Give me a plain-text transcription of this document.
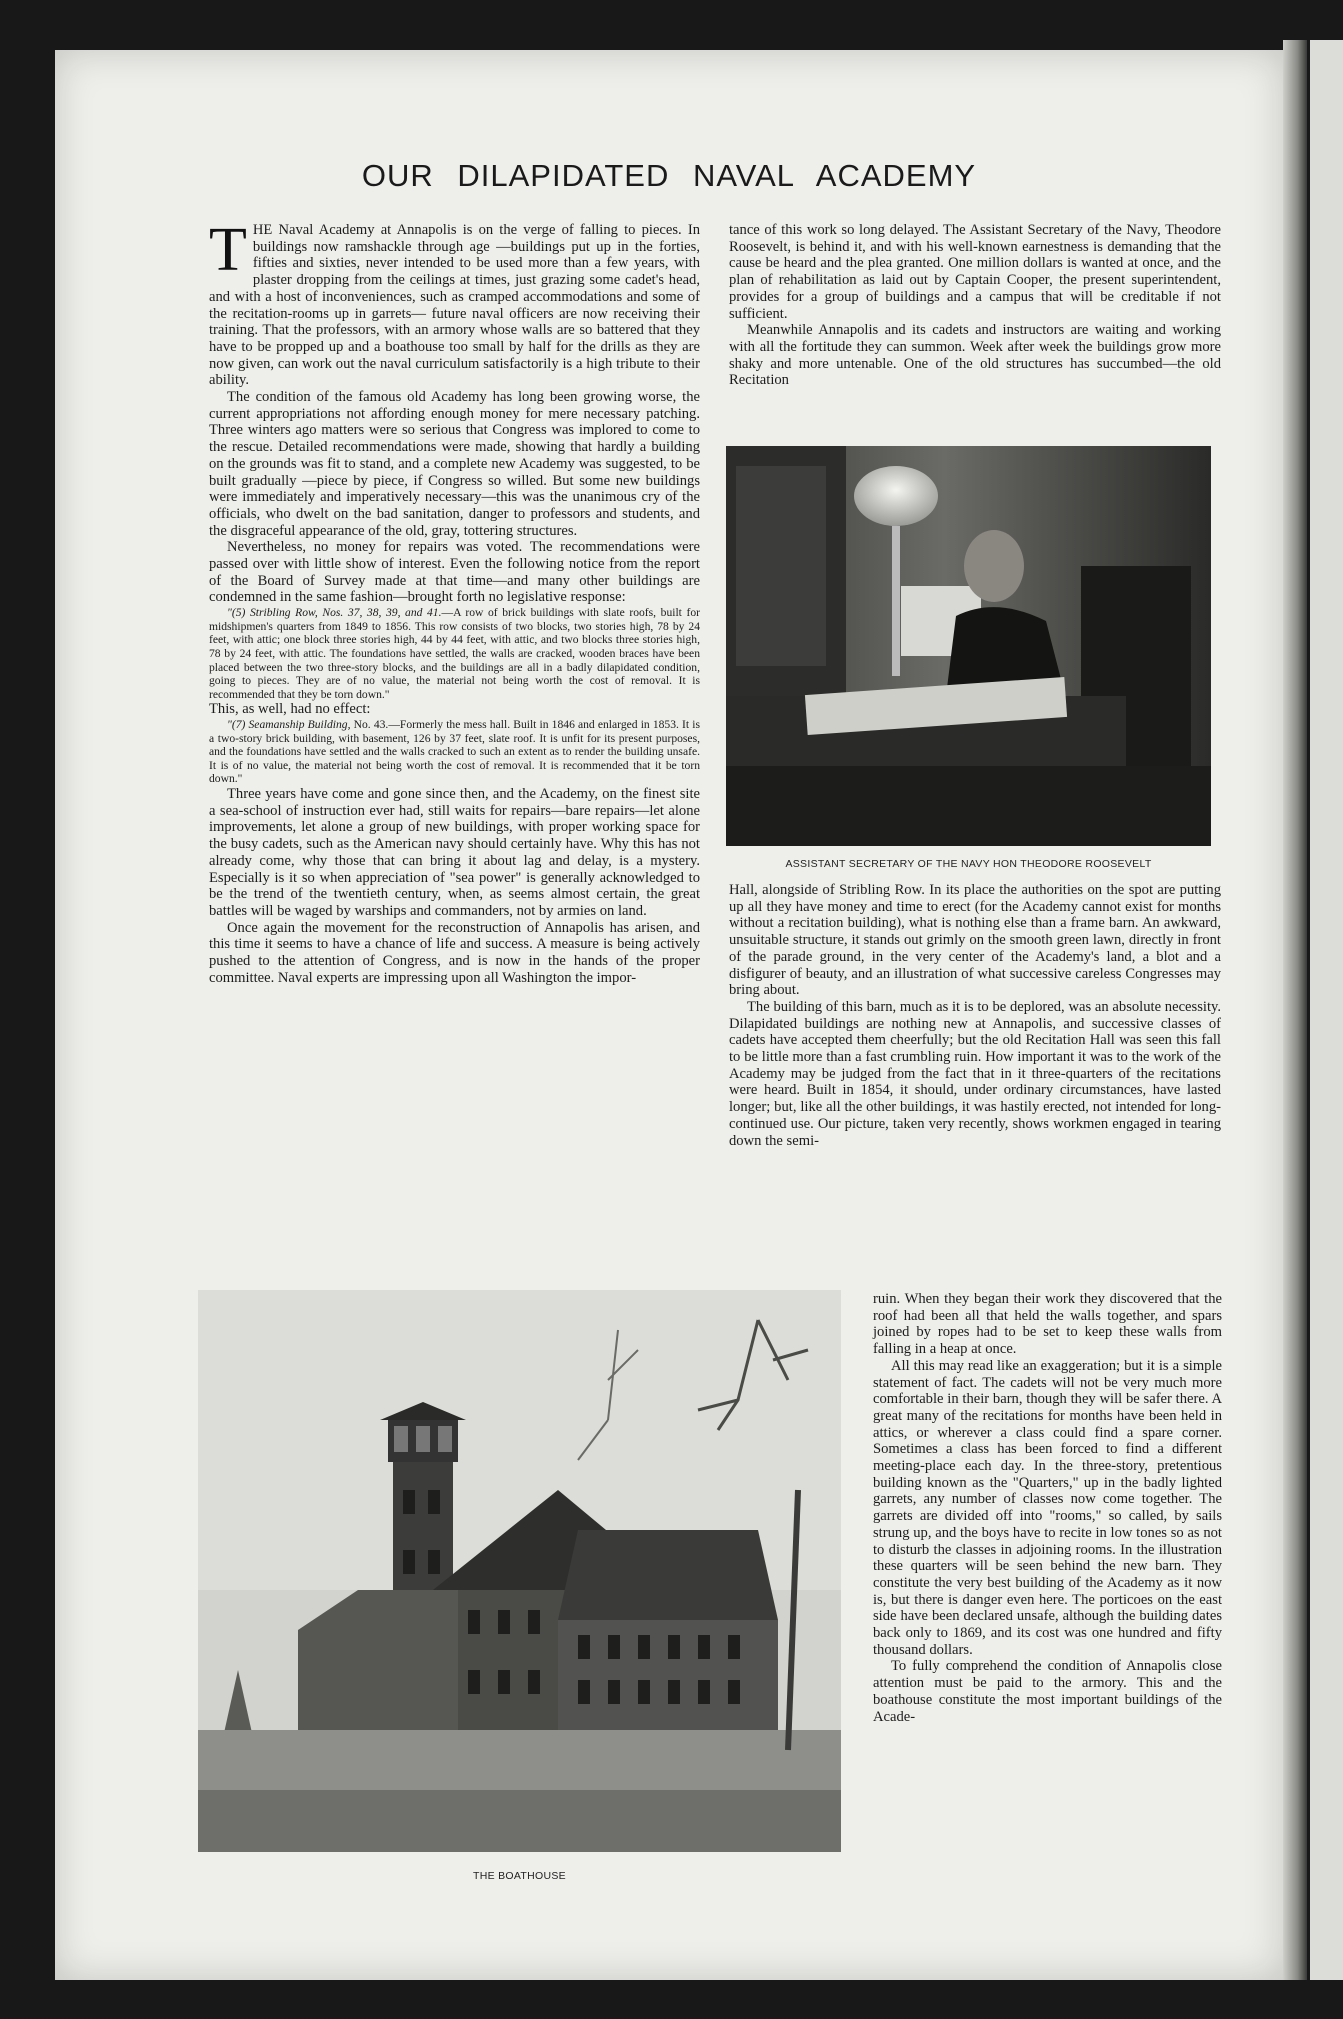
OUR DILAPIDATED NAVAL ACADEMY

THE Naval Academy at Annapolis is on the verge of falling to pieces. In buildings now ramshackle through age —buildings put up in the forties, fifties and sixties, never intended to be used more than a few years, with plaster dropping from the ceilings at times, just grazing some cadet's head, and with a host of inconveniences, such as cramped accommodations and some of the recitation-rooms up in garrets— future naval officers are now receiving their training. That the professors, with an armory whose walls are so battered that they have to be propped up and a boathouse too small by half for the drills as they are now given, can work out the naval curriculum satisfactorily is a high tribute to their ability.

The condition of the famous old Academy has long been growing worse, the current appropriations not affording enough money for mere necessary patching. Three winters ago matters were so serious that Congress was implored to come to the rescue. Detailed recommendations were made, showing that hardly a building on the grounds was fit to stand, and a complete new Academy was suggested, to be built gradually —piece by piece, if Congress so willed. But some new buildings were immediately and imperatively necessary—this was the unanimous cry of the officials, who dwelt on the bad sanitation, danger to professors and students, and the disgraceful appearance of the old, gray, tottering structures.

Nevertheless, no money for repairs was voted. The recommendations were passed over with little show of interest. Even the following notice from the report of the Board of Survey made at that time—and many other buildings are condemned in the same fashion—brought forth no legislative response:

"(5) Stribling Row, Nos. 37, 38, 39, and 41.—A row of brick buildings with slate roofs, built for midshipmen's quarters from 1849 to 1856. This row consists of two blocks, two stories high, 78 by 24 feet, with attic; one block three stories high, 44 by 44 feet, with attic, and two blocks three stories high, 78 by 24 feet, with attic. The foundations have settled, the walls are cracked, wooden braces have been placed between the two three-story blocks, and the buildings are all in a badly dilapidated condition, going to pieces. They are of no value, the material not being worth the cost of removal. It is recommended that they be torn down."

This, as well, had no effect:

"(7) Seamanship Building, No. 43.—Formerly the mess hall. Built in 1846 and enlarged in 1853. It is a two-story brick building, with basement, 126 by 37 feet, slate roof. It is unfit for its present purposes, and the foundations have settled and the walls cracked to such an extent as to render the building unsafe. It is of no value, the material not being worth the cost of removal. It is recommended that it be torn down."

Three years have come and gone since then, and the Academy, on the finest site a sea-school of instruction ever had, still waits for repairs—bare repairs—let alone improvements, let alone a group of new buildings, with proper working space for the busy cadets, such as the American navy should certainly have. Why this has not already come, why those that can bring it about lag and delay, is a mystery. Especially is it so when appreciation of "sea power" is generally acknowledged to be the trend of the twentieth century, when, as seems almost certain, the great battles will be waged by warships and commanders, not by armies on land.

Once again the movement for the reconstruction of Annapolis has arisen, and this time it seems to have a chance of life and success. A measure is being actively pushed to the attention of Congress, and is now in the hands of the proper committee. Naval experts are impressing upon all Washington the impor-

tance of this work so long delayed. The Assistant Secretary of the Navy, Theodore Roosevelt, is behind it, and with his well-known earnestness is demanding that the cause be heard and the plea granted. One million dollars is wanted at once, and the plan of rehabilitation as laid out by Captain Cooper, the present superintendent, provides for a group of buildings and a campus that will be creditable if not sufficient.

Meanwhile Annapolis and its cadets and instructors are waiting and working with all the fortitude they can summon. Week after week the buildings grow more shaky and more untenable. One of the old structures has succumbed—the old Recitation

ASSISTANT SECRETARY OF THE NAVY HON THEODORE ROOSEVELT

Hall, alongside of Stribling Row. In its place the authorities on the spot are putting up all they have money and time to erect (for the Academy cannot exist for months without a recitation building), what is nothing else than a frame barn. An awkward, unsuitable structure, it stands out grimly on the smooth green lawn, directly in front of the parade ground, in the very center of the Academy's land, a blot and a disfigurer of beauty, and an illustration of what successive careless Congresses may bring about.

The building of this barn, much as it is to be deplored, was an absolute necessity. Dilapidated buildings are nothing new at Annapolis, and successive classes of cadets have accepted them cheerfully; but the old Recitation Hall was seen this fall to be little more than a fast crumbling ruin. How important it was to the work of the Academy may be judged from the fact that in it three-quarters of the recitations were heard. Built in 1854, it should, under ordinary circumstances, have lasted longer; but, like all the other buildings, it was hastily erected, not intended for long-continued use. Our picture, taken very recently, shows workmen engaged in tearing down the semi-

ruin. When they began their work they discovered that the roof had been all that held the walls together, and spars joined by ropes had to be set to keep these walls from falling in a heap at once.

All this may read like an exaggeration; but it is a simple statement of fact. The cadets will not be very much more comfortable in their barn, though they will be safer there. A great many of the recitations for months have been held in attics, or wherever a class could find a spare corner. Sometimes a class has been forced to find a different meeting-place each day. In the three-story, pretentious building known as the "Quarters," up in the badly lighted garrets, any number of classes now come together. The garrets are divided off into "rooms," so called, by sails strung up, and the boys have to recite in low tones so as not to disturb the classes in adjoining rooms. In the illustration these quarters will be seen behind the new barn. They constitute the very best building of the Academy as it now is, but there is danger even here. The porticoes on the east side have been declared unsafe, although the building dates back only to 1869, and its cost was one hundred and fifty thousand dollars.

To fully comprehend the condition of Annapolis close attention must be paid to the armory. This and the boathouse constitute the most important buildings of the Acade-

THE BOATHOUSE
